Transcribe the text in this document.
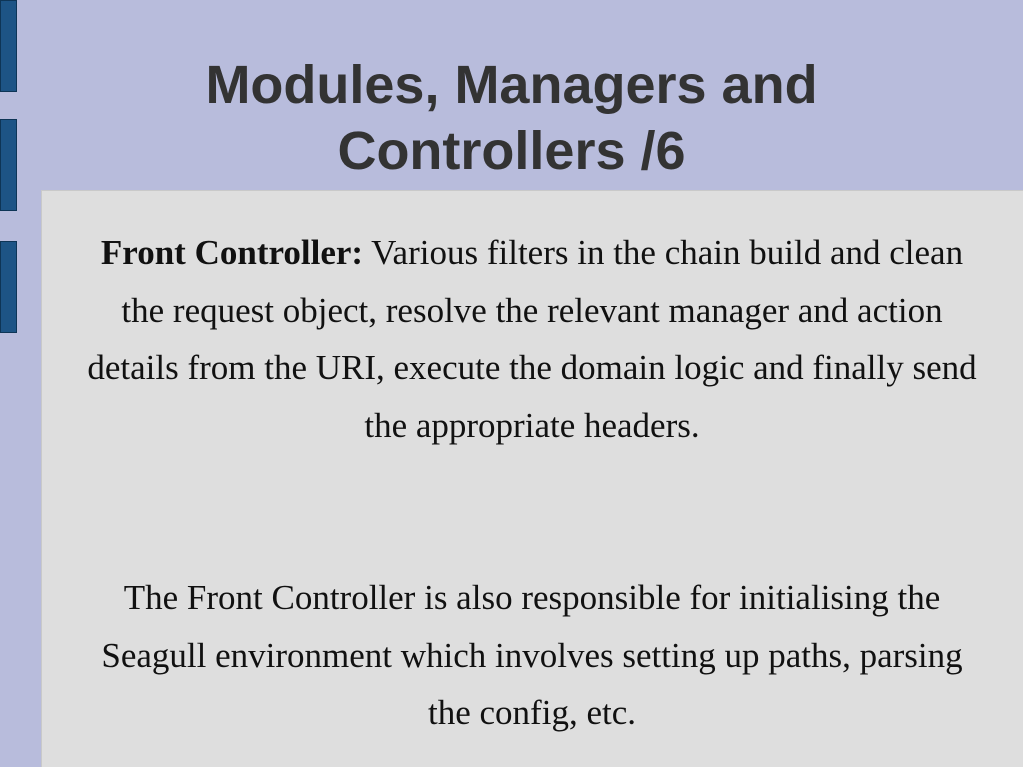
Modules, Managers and
Controllers /6

Front Controller: Various filters in the chain build and clean the request object, resolve the relevant manager and action details from the URI, execute the domain logic and finally send the appropriate headers.

The Front Controller is also responsible for initialising the Seagull environment which involves setting up paths, parsing the config, etc.
